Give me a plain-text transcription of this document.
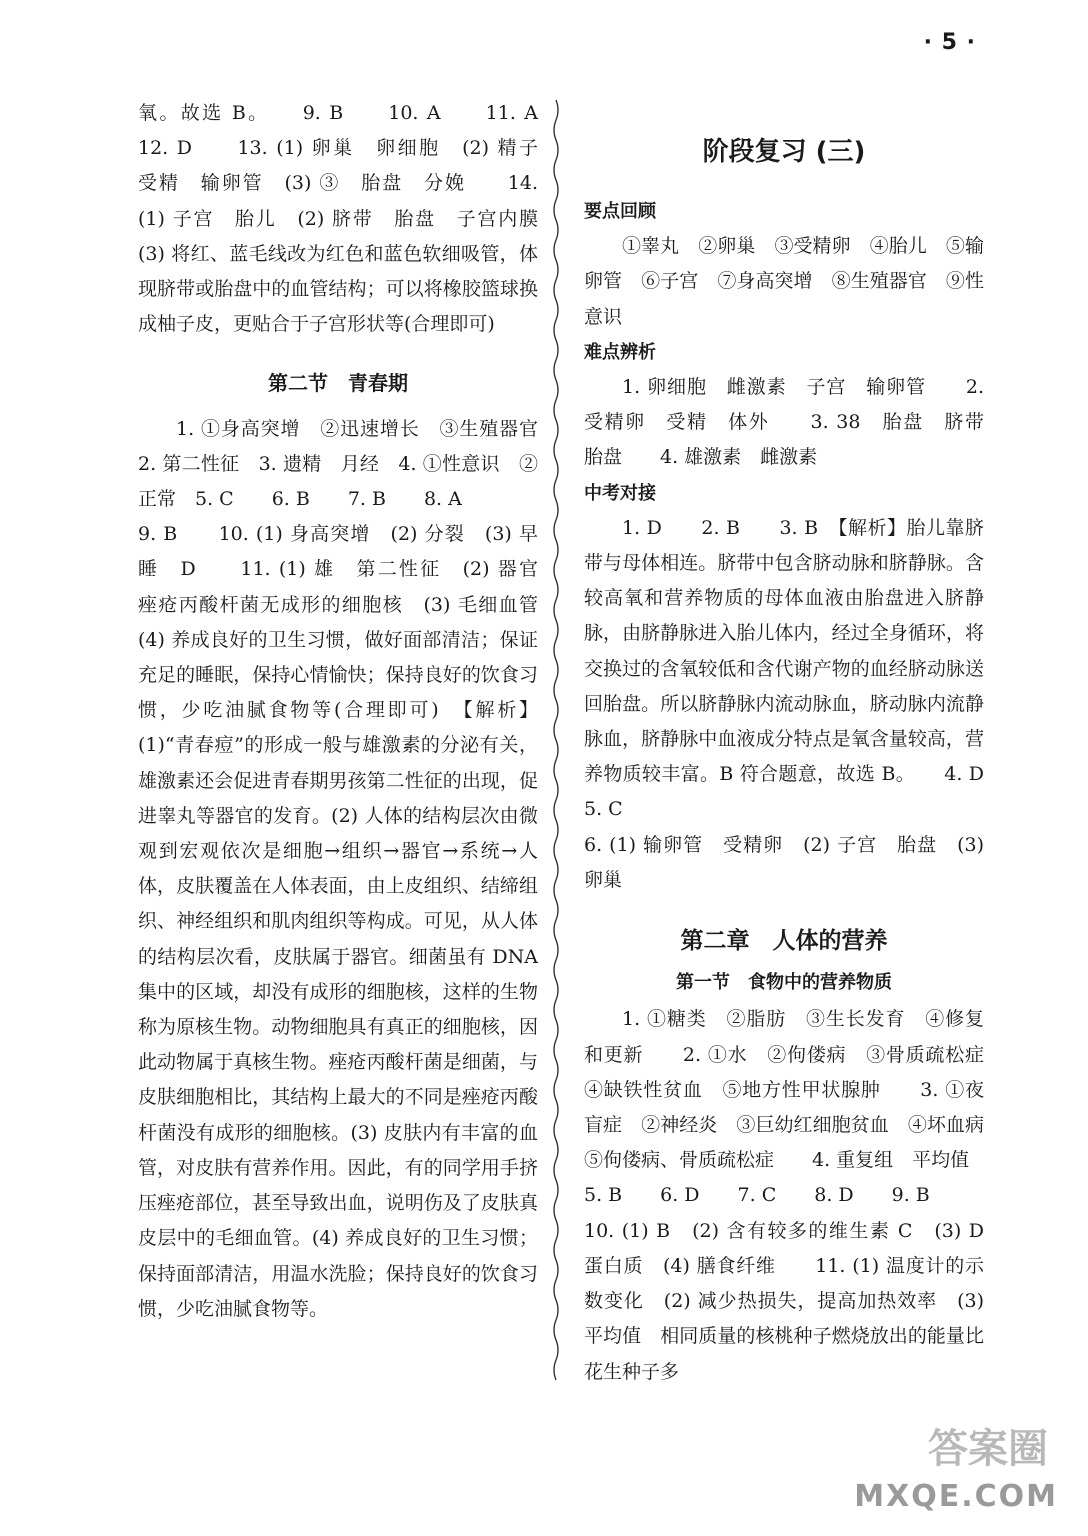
· 5 ·

氧。故选 B。　　9. B　　10. A　　11. A　　12. D　　13. (1) 卵巢　卵细胞　(2) 精子　受精　输卵管　(3) ③　胎盘　分娩　　14. (1) 子宫　胎儿　(2) 脐带　胎盘　子宫内膜　(3) 将红、蓝毛线改为红色和蓝色软细吸管，体现脐带或胎盘中的血管结构；可以将橡胶篮球换成柚子皮，更贴合于子宫形状等(合理即可)

第二节　青春期

1. ①身高突增　②迅速增长　③生殖器官　2. 第二性征　3. 遗精　月经　4. ①性意识　②正常　5. C　　6. B　　7. B　　8. A

9. B　　10. (1) 身高突增　(2) 分裂　(3) 早睡　D　　11. (1) 雄　第二性征　(2) 器官　痤疮丙酸杆菌无成形的细胞核　(3) 毛细血管　(4) 养成良好的卫生习惯，做好面部清洁；保证充足的睡眠，保持心情愉快；保持良好的饮食习惯，少吃油腻食物等(合理即可)　【解析】(1)“青春痘”的形成一般与雄激素的分泌有关，雄激素还会促进青春期男孩第二性征的出现，促进睾丸等器官的发育。(2) 人体的结构层次由微观到宏观依次是细胞→组织→器官→系统→人体，皮肤覆盖在人体表面，由上皮组织、结缔组织、神经组织和肌肉组织等构成。可见，从人体的结构层次看，皮肤属于器官。细菌虽有 DNA 集中的区域，却没有成形的细胞核，这样的生物称为原核生物。动物细胞具有真正的细胞核，因此动物属于真核生物。痤疮丙酸杆菌是细菌，与皮肤细胞相比，其结构上最大的不同是痤疮丙酸杆菌没有成形的细胞核。(3) 皮肤内有丰富的血管，对皮肤有营养作用。因此，有的同学用手挤压痤疮部位，甚至导致出血，说明伤及了皮肤真皮层中的毛细血管。(4) 养成良好的卫生习惯；保持面部清洁，用温水洗脸；保持良好的饮食习惯，少吃油腻食物等。

阶段复习 (三)
要点回顾

①睾丸　②卵巢　③受精卵　④胎儿　⑤输卵管　⑥子宫　⑦身高突增　⑧生殖器官　⑨性意识

难点辨析

1. 卵细胞　雌激素　子宫　输卵管　　2. 受精卵　受精　体外　　3. 38　胎盘　脐带　胎盘　　4. 雄激素　雌激素

中考对接

1. D　　2. B　　3. B　【解析】胎儿靠脐带与母体相连。脐带中包含脐动脉和脐静脉。含较高氧和营养物质的母体血液由胎盘进入脐静脉，由脐静脉进入胎儿体内，经过全身循环，将交换过的含氧较低和含代谢产物的血经脐动脉送回胎盘。所以脐静脉内流动脉血，脐动脉内流静脉血，脐静脉中血液成分特点是氧含量较高，营养物质较丰富。B 符合题意，故选 B。　　4. D　　5. C

6. (1) 输卵管　受精卵　(2) 子宫　胎盘　(3) 卵巢

第二章　人体的营养
第一节　食物中的营养物质

1. ①糖类　②脂肪　③生长发育　④修复和更新　　2. ①水　②佝偻病　③骨质疏松症　④缺铁性贫血　⑤地方性甲状腺肿　　3. ①夜盲症　②神经炎　③巨幼红细胞贫血　④坏血病　⑤佝偻病、骨质疏松症　　4. 重复组　平均值

5. B　　6. D　　7. C　　8. D　　9. B

10. (1) B　(2) 含有较多的维生素 C　(3) D　蛋白质　(4) 膳食纤维　　11. (1) 温度计的示数变化　(2) 减少热损失，提高加热效率　(3) 平均值　相同质量的核桃种子燃烧放出的能量比花生种子多

答案圈
MXQE.COM
